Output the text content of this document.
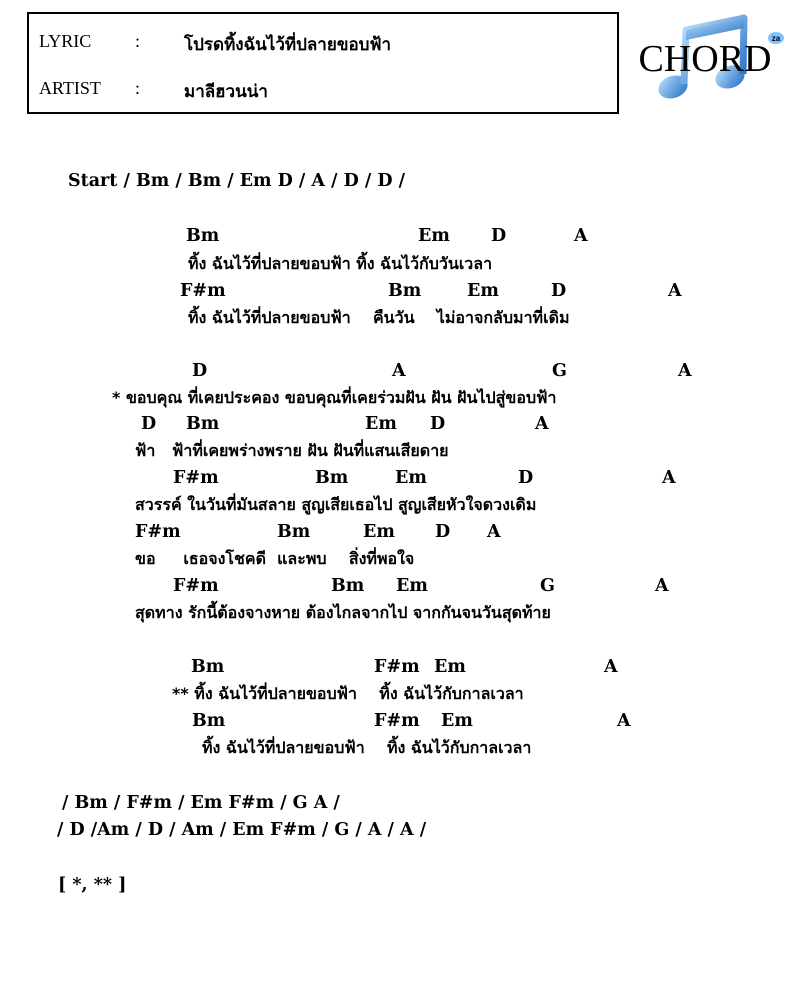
LYRIC	:	โปรดทิ้งฉันไว้ที่ปลายขอบฟ้า
ARTIST	:	มาลีฮวนน่า
za
CHORD
Start / Bm / Bm / Em D / A / D / D /
Bm	Em D	A
ทิ้ง ฉันไว้ที่ปลายขอบฟ้า ทิ้ง ฉันไว้กับวันเวลา
F#m	Bm	Em	D	A
ทิ้ง ฉันไว้ที่ปลายขอบฟ้า    คืนวัน    ไม่อาจกลับมาที่เดิม
D	A	G	A
* ขอบคุณ ที่เคยประคอง ขอบคุณที่เคยร่วมฝัน ฝัน ฝันไปสู่ขอบฟ้า
D Bm	Em D	A
ฟ้า   ฟ้าที่เคยพร่างพราย ฝัน ฝันที่แสนเสียดาย
F#m	Bm	Em	D	A
สวรรค์ ในวันที่มันสลาย สูญเสียเธอไป สูญเสียหัวใจดวงเดิม
F#m	Bm	Em D A
ขอ     เธอจงโชคดี  และพบ    สิ่งที่พอใจ
F#m	Bm Em	G	A
สุดทาง รักนี้ต้องจางหาย ต้องไกลจากไป จากกันจนวันสุดท้าย
Bm	F#m Em	A
** ทิ้ง ฉันไว้ที่ปลายขอบฟ้า    ทิ้ง ฉันไว้กับกาลเวลา
Bm	F#m Em	A
ทิ้ง ฉันไว้ที่ปลายขอบฟ้า    ทิ้ง ฉันไว้กับกาลเวลา
/ Bm / F#m / Em F#m / G A /
/ D /Am / D / Am / Em F#m / G / A / A /
[ *, ** ]
